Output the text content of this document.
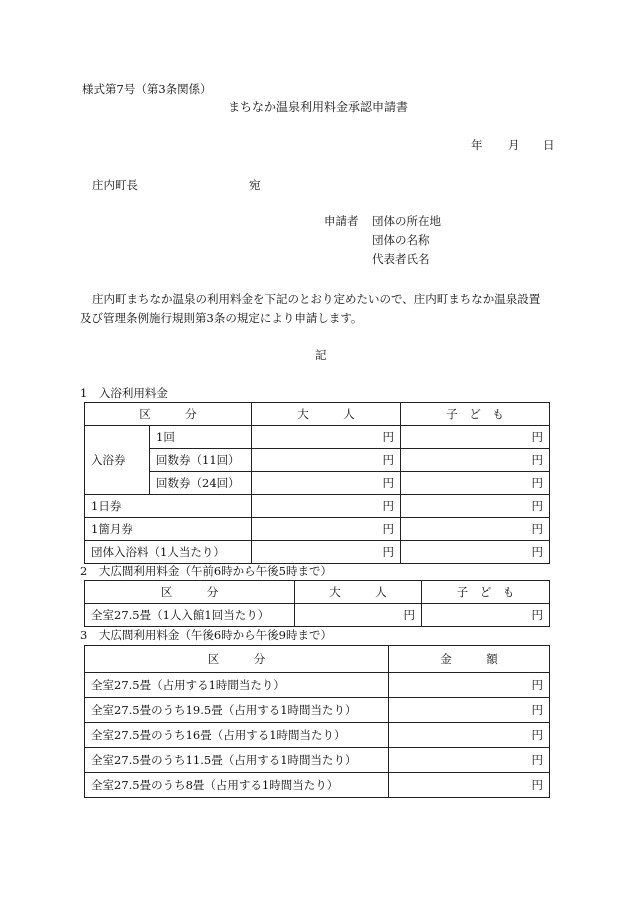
様式第7号（第3条関係）
まちなか温泉利用料金承認申請書
年 月 日
庄内町長	宛
申請者 団体の所在地
団体の名称
代表者氏名
庄内町まちなか温泉の利用料金を下記のとおり定めたいので、庄内町まちなか温泉設置
及び管理条例施行規則第3条の規定により申請します。
記
1　入浴利用料金
区　　　分		大　　　人	子　ど　も
入浴券	1回	円	円
	回数券（11回）	円	円
	回数券（24回）	円	円
1日券		円	円
1箇月券		円	円
団体入浴料（1人当たり）		円	円
2　大広間利用料金（午前6時から午後5時まで）
区　　　分	大　　　人	子　ど　も
全室27.5畳（1人入館1回当たり）	円	円
3　大広間利用料金（午後6時から午後9時まで）
区　　　分	金　　　額
全室27.5畳（占用する1時間当たり）	円
全室27.5畳のうち19.5畳（占用する1時間当たり）	円
全室27.5畳のうち16畳（占用する1時間当たり）	円
全室27.5畳のうち11.5畳（占用する1時間当たり）	円
全室27.5畳のうち8畳（占用する1時間当たり）	円
